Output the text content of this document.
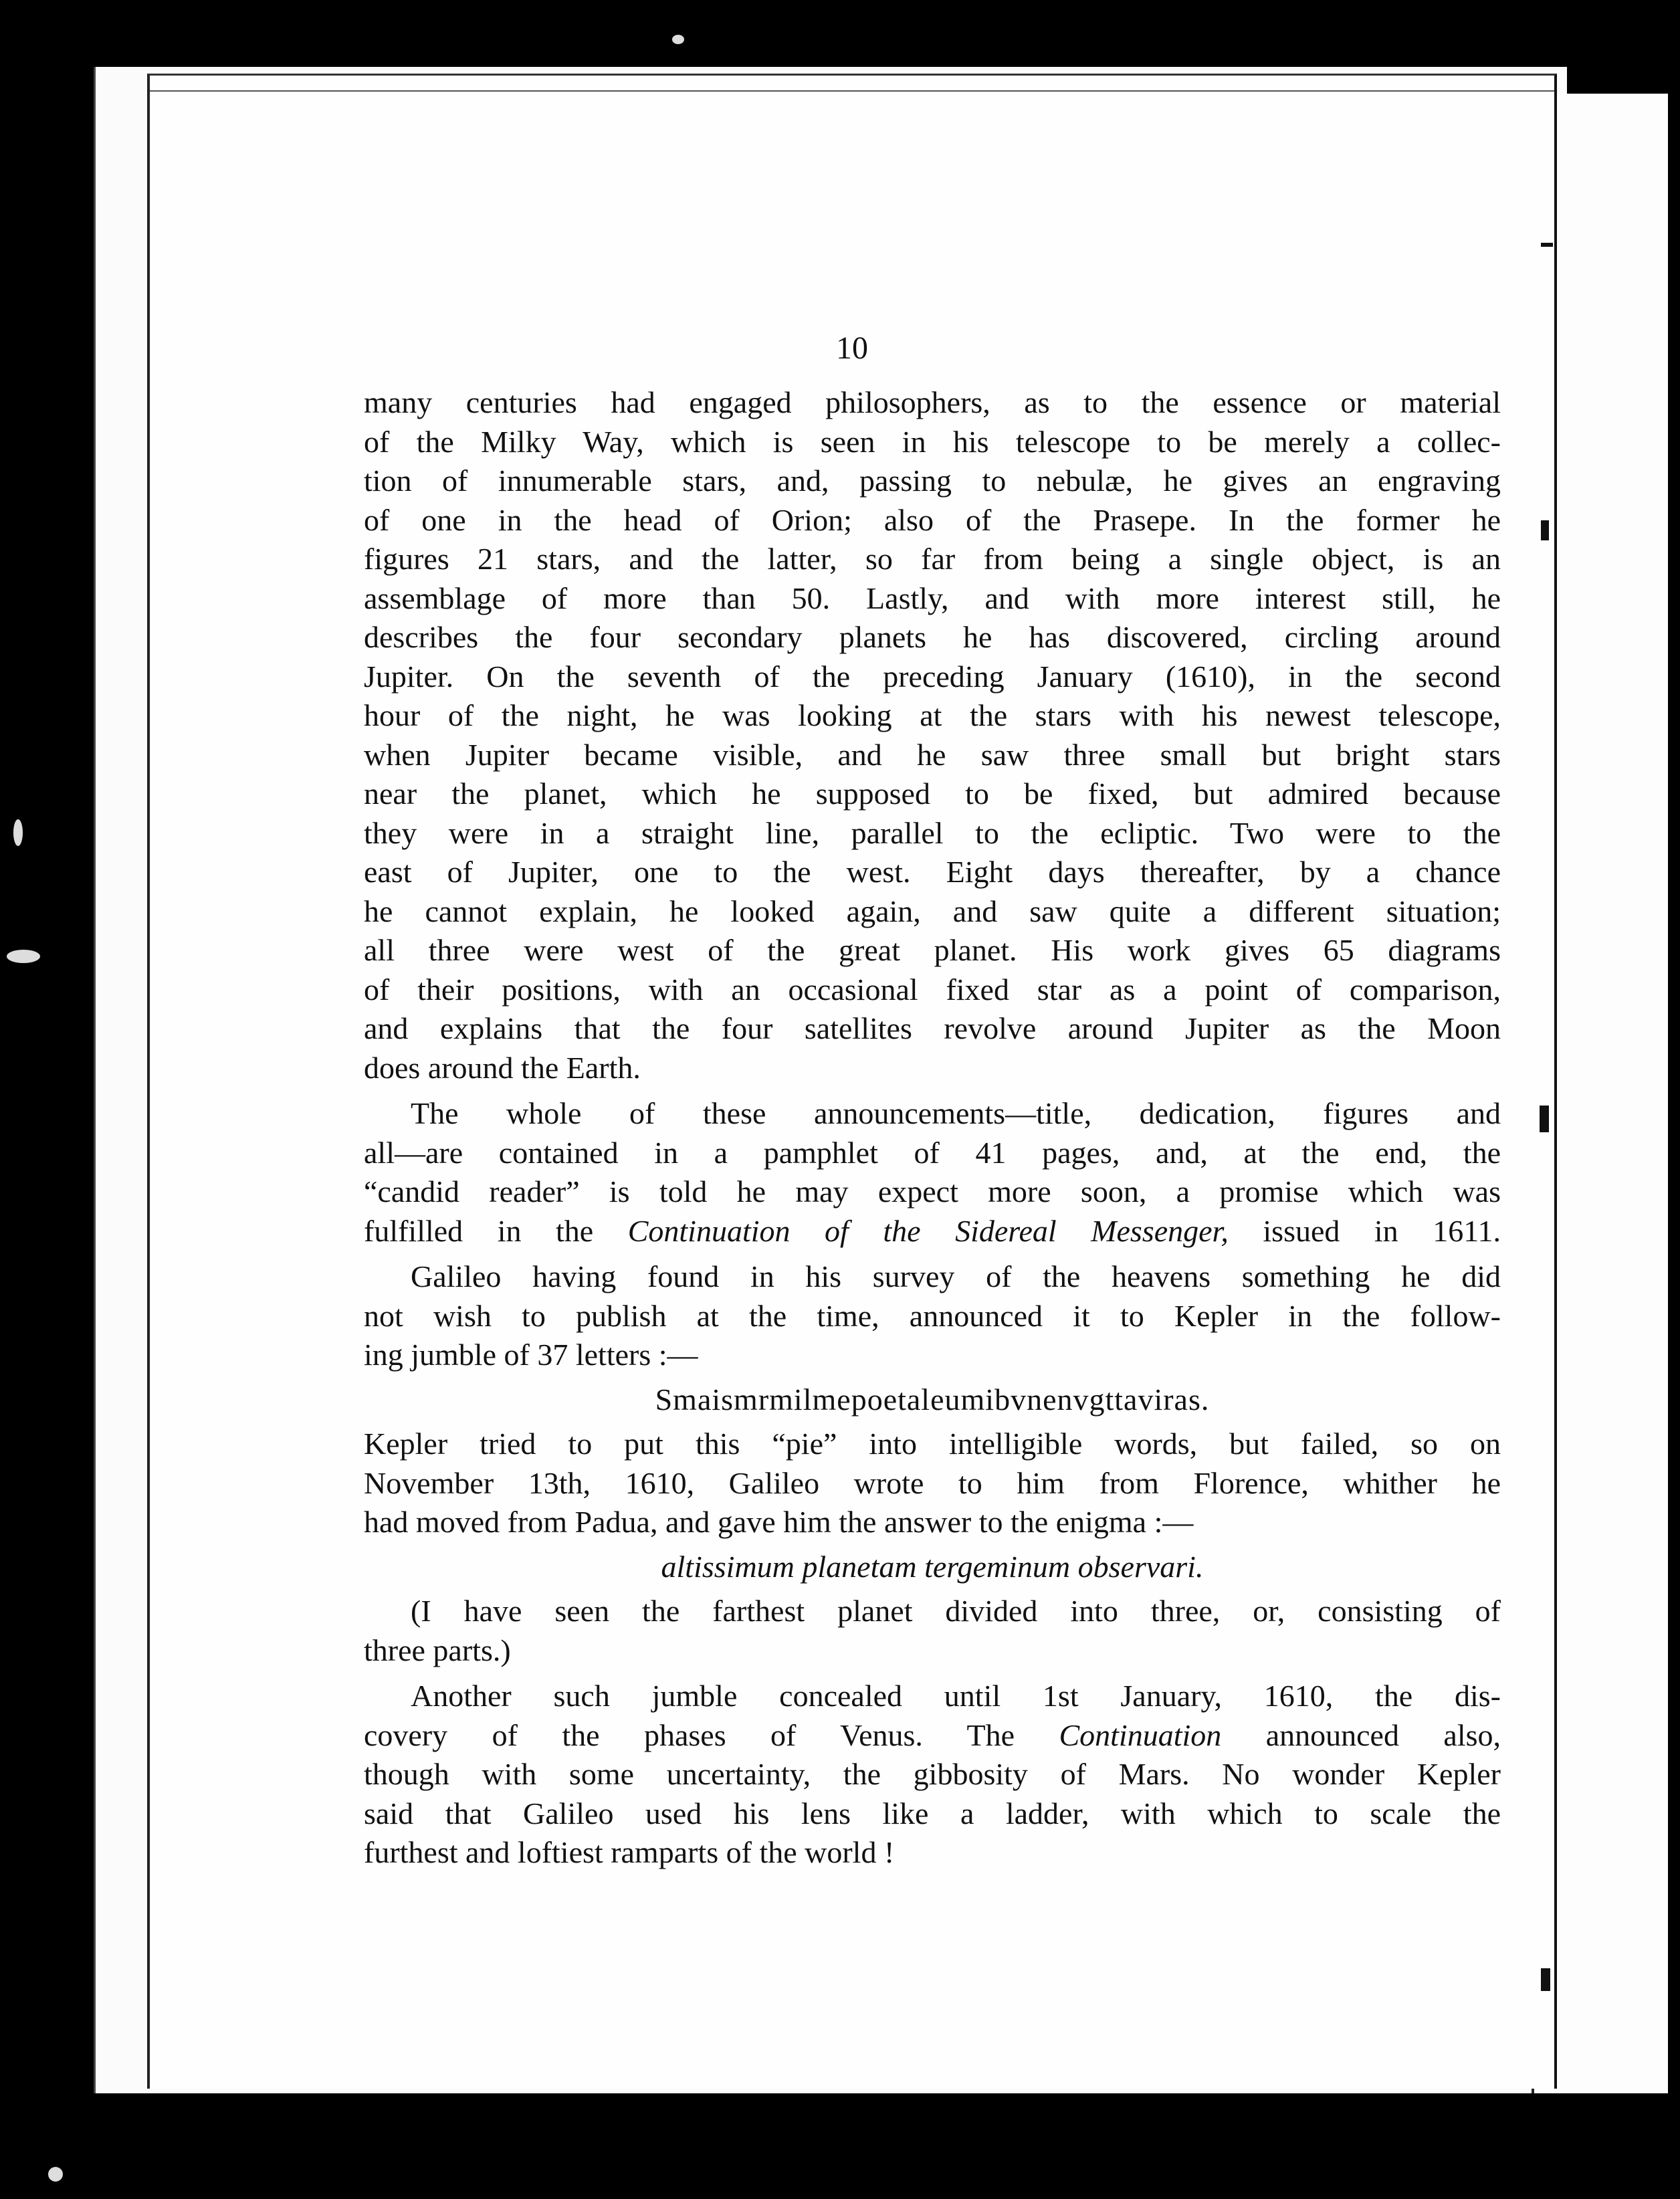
10
many centuries had engaged philosophers, as to the essence or material
of the Milky Way, which is seen in his telescope to be merely a collec-
tion of innumerable stars, and, passing to nebulæ, he gives an engraving
of one in the head of Orion; also of the Prasepe. In the former he
figures 21 stars, and the latter, so far from being a single object, is an
assemblage of more than 50. Lastly, and with more interest still, he
describes the four secondary planets he has discovered, circling around
Jupiter. On the seventh of the preceding January (1610), in the second
hour of the night, he was looking at the stars with his newest telescope,
when Jupiter became visible, and he saw three small but bright stars
near the planet, which he supposed to be fixed, but admired because
they were in a straight line, parallel to the ecliptic. Two were to the
east of Jupiter, one to the west. Eight days thereafter, by a chance
he cannot explain, he looked again, and saw quite a different situation;
all three were west of the great planet. His work gives 65 diagrams
of their positions, with an occasional fixed star as a point of comparison,
and explains that the four satellites revolve around Jupiter as the Moon
does around the Earth.
The whole of these announcements—title, dedication, figures and
all—are contained in a pamphlet of 41 pages, and, at the end, the
“candid reader” is told he may expect more soon, a promise which was
fulfilled in the Continuation of the Sidereal Messenger, issued in 1611.
Galileo having found in his survey of the heavens something he did
not wish to publish at the time, announced it to Kepler in the follow-
ing jumble of 37 letters :—
Smaismrmilmepoetaleumibvnenvgttaviras.
Kepler tried to put this “pie” into intelligible words, but failed, so on
November 13th, 1610, Galileo wrote to him from Florence, whither he
had moved from Padua, and gave him the answer to the enigma :—
altissimum planetam tergeminum observari.
(I have seen the farthest planet divided into three, or, consisting of
three parts.)
Another such jumble concealed until 1st January, 1610, the dis-
covery of the phases of Venus. The Continuation announced also,
though with some uncertainty, the gibbosity of Mars. No wonder Kepler
said that Galileo used his lens like a ladder, with which to scale the
furthest and loftiest ramparts of the world !
